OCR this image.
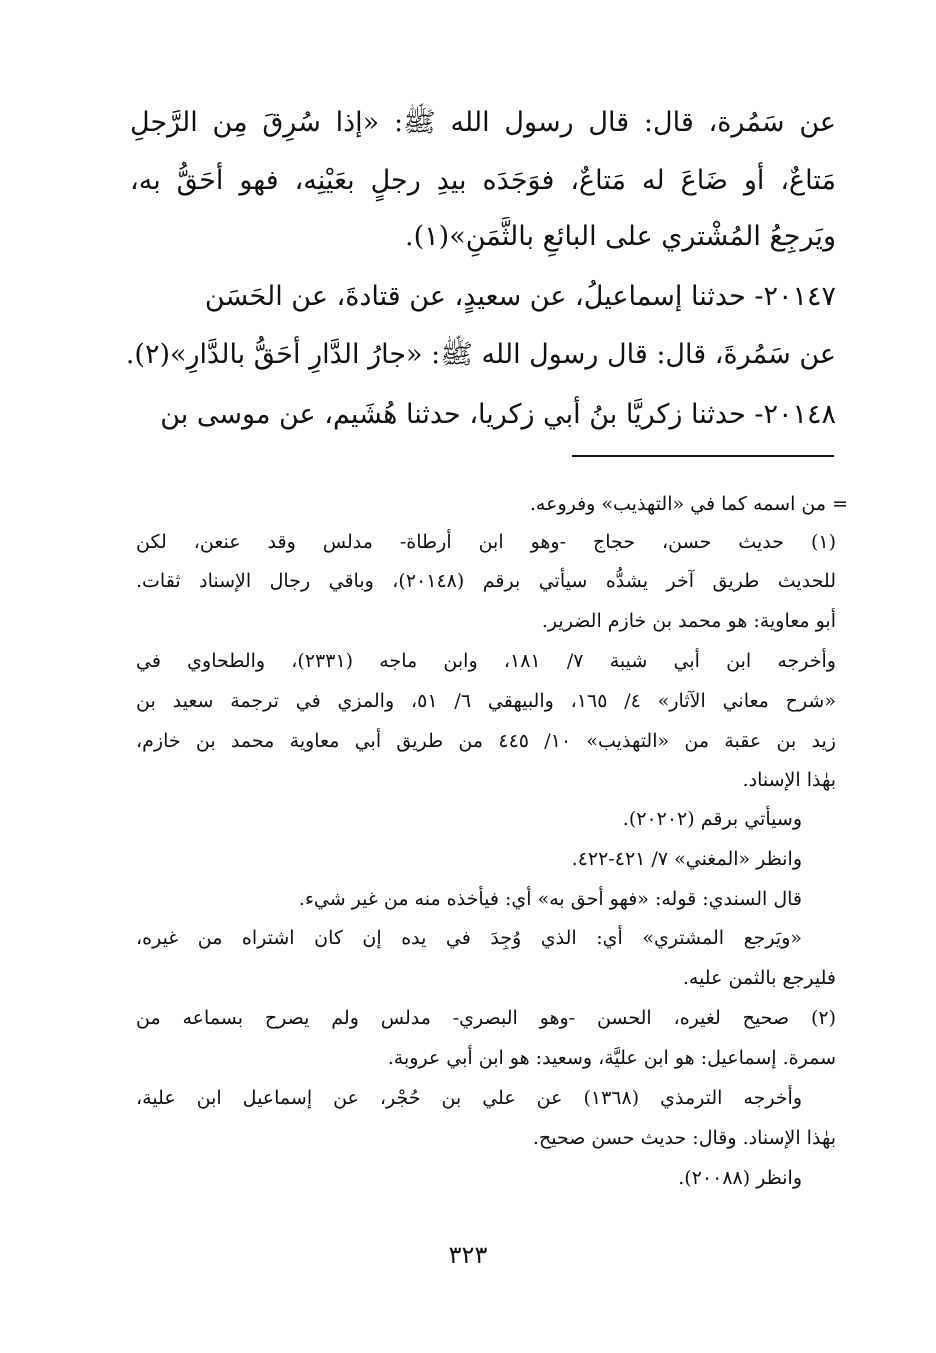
عن سَمُرة، قال: قال رسول الله ﷺ: «إذا سُرِقَ مِن الرَّجلِ
مَتاعٌ، أو ضَاعَ له مَتاعٌ، فوَجَدَه بيدِ رجلٍ بعَيْنِه، فهو أحَقُّ به،
ويَرجِعُ المُشْتري على البائعِ بالثَّمَنِ»(١).
٢٠١٤٧- حدثنا إسماعيلُ، عن سعيدٍ، عن قتادةَ، عن الحَسَن
عن سَمُرةَ، قال: قال رسول الله ﷺ: «جارُ الدَّارِ أحَقُّ بالدَّارِ»(٢).
٢٠١٤٨- حدثنا زكريَّا بنُ أبي زكريا، حدثنا هُشَيم، عن موسى بن
= من اسمه كما في «التهذيب» وفروعه.
(١) حديث حسن، حجاج -وهو ابن أرطاة- مدلس وقد عنعن، لكن
للحديث طريق آخر يشدُّه سيأتي برقم (٢٠١٤٨)، وباقي رجال الإسناد ثقات.
أبو معاوية: هو محمد بن خازم الضرير.
وأخرجه ابن أبي شيبة ٧/ ١٨١، وابن ماجه (٢٣٣١)، والطحاوي في
«شرح معاني الآثار» ٤/ ١٦٥، والبيهقي ٦/ ٥١، والمزي في ترجمة سعيد بن
زيد بن عقبة من «التهذيب» ١٠/ ٤٤٥ من طريق أبي معاوية محمد بن خازم،
بهٰذا الإسناد.
وسيأتي برقم (٢٠٢٠٢).
وانظر «المغني» ٧/ ٤٢١-٤٢٢.
قال السندي: قوله: «فهو أحق به» أي: فيأخذه منه من غير شيء.
«ويَرجع المشتري» أي: الذي وُجِدَ في يده إن كان اشتراه من غيره،
فليرجع بالثمن عليه.
(٢) صحيح لغيره، الحسن -وهو البصري- مدلس ولم يصرح بسماعه من
سمرة. إسماعيل: هو ابن عليَّة، وسعيد: هو ابن أبي عروبة.
وأخرجه الترمذي (١٣٦٨) عن علي بن حُجْر، عن إسماعيل ابن علية،
بهٰذا الإسناد. وقال: حديث حسن صحيح.
وانظر (٢٠٠٨٨).
٣٢٣
